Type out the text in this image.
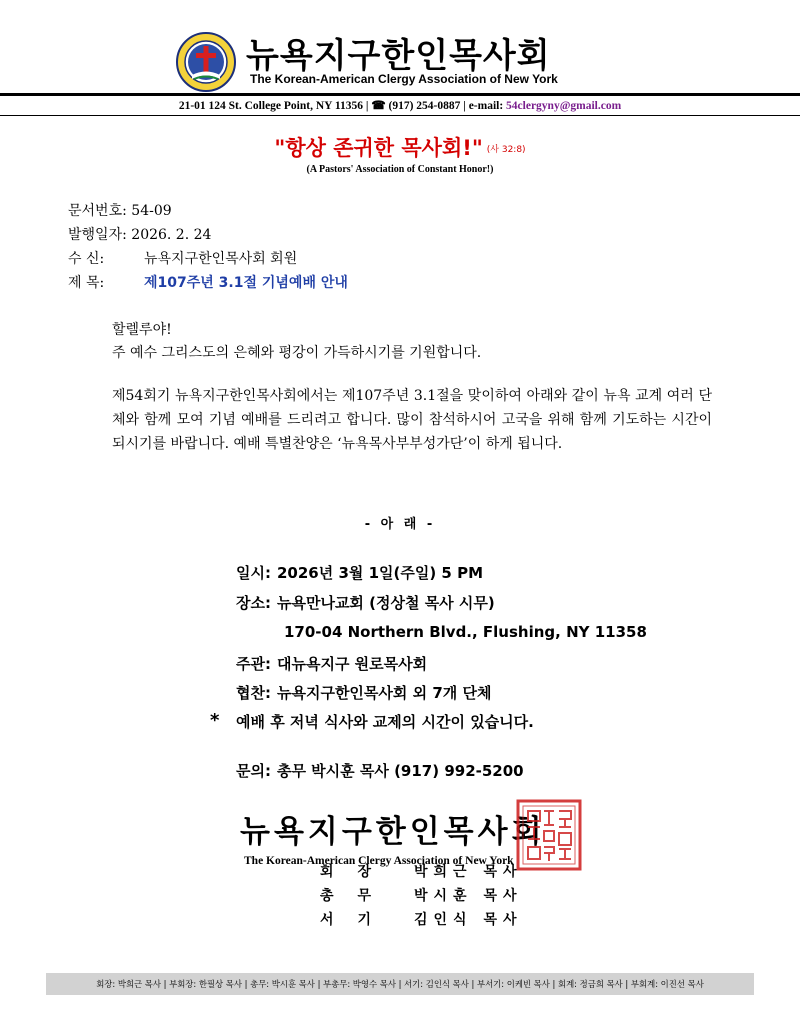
뉴욕지구한인목사회
The Korean-American Clergy Association of New York
21-01 124 St. College Point, NY 11356 | ☎ (917) 254-0887 | e-mail: 54clergyny@gmail.com
"항상 존귀한 목사회!" (사 32:8)
(A Pastors' Association of Constant Honor!)
문서번호: 54-09
발행일자: 2026. 2. 24
수 신:	뉴욕지구한인목사회 회원
제 목:	제107주년 3.1절 기념예배 안내
할렐루야!
주 예수 그리스도의 은혜와 평강이 가득하시기를 기원합니다.
제54회기 뉴욕지구한인목사회에서는 제107주년 3.1절을 맞이하여 아래와 같이 뉴욕 교계 여러 단체와 함께 모여 기념 예배를 드리려고 합니다. 많이 참석하시어 고국을 위해 함께 기도하는 시간이 되시기를 바랍니다. 예배 특별찬양은 ‘뉴욕목사부부성가단’이 하게 됩니다.
- 아 래 -
일시: 2026년 3월 1일(주일) 5 PM
장소: 뉴욕만나교회 (정상철 목사 시무)
170-04 Northern Blvd., Flushing, NY 11358
주관: 대뉴욕지구 원로목사회
협찬: 뉴욕지구한인목사회 외 7개 단체
* 예배 후 저녁 식사와 교제의 시간이 있습니다.
문의: 총무 박시훈 목사 (917) 992-5200
뉴욕지구한인목사회
The Korean-American Clergy Association of New York
회장 박희근 목사
총무 박시훈 목사
서기 김인식 목사
회장: 박희근 목사 | 부회장: 한필상 목사 | 총무: 박시훈 목사 | 부총무: 박영수 목사 | 서기: 김인식 목사 | 부서기: 이케빈 목사 | 회계: 정금희 목사 | 부회계: 이진선 목사
